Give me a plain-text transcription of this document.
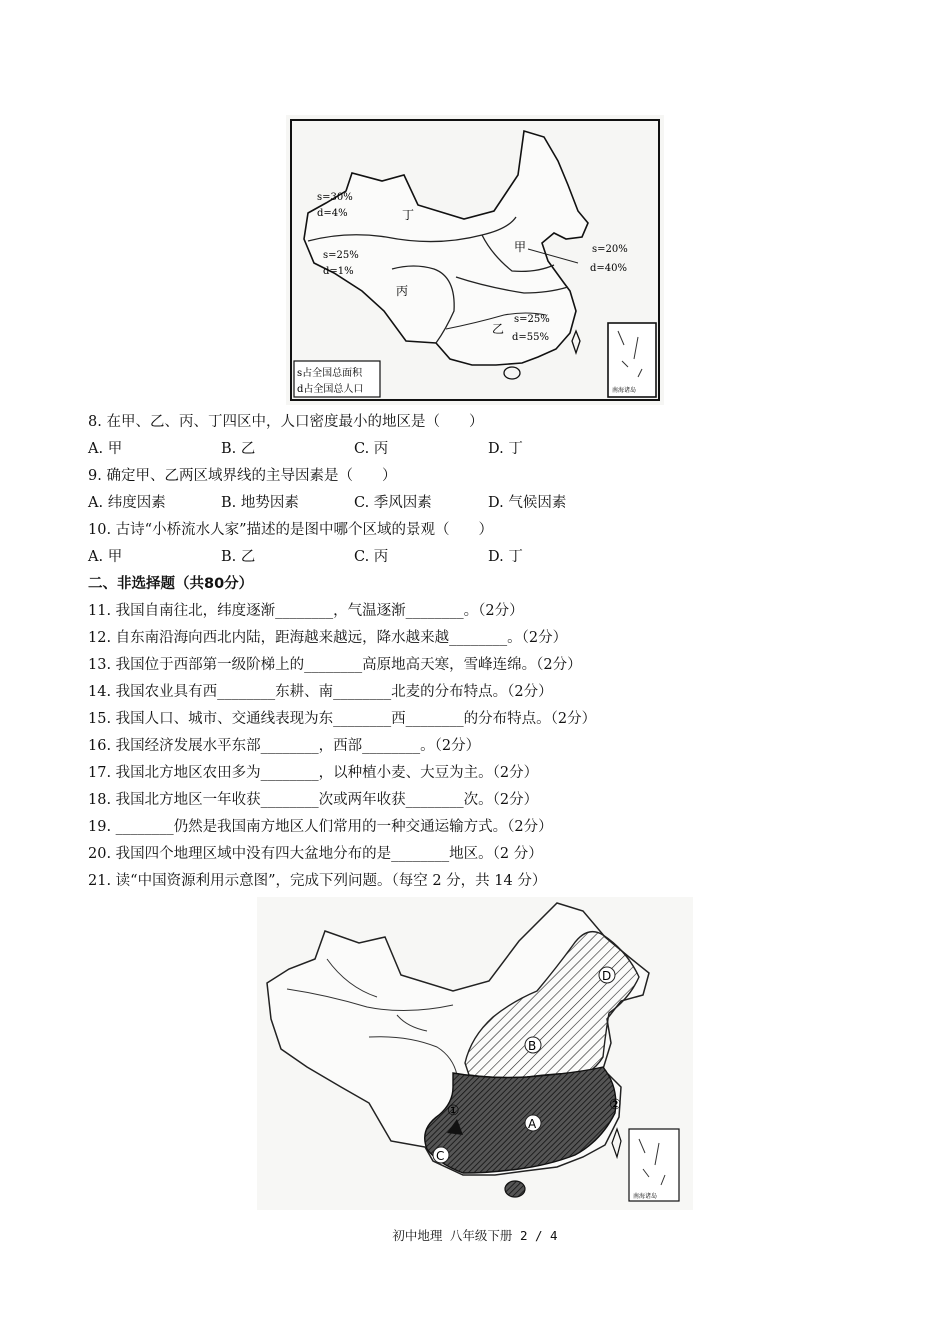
s=30%
d=4%	丁
s=25%
d=1%
丙
甲	s=20%
d=40%
乙
s=25%
d=55%
s占全国总面积
d占全国总人口	南海诸岛
8. 在甲、乙、丙、丁四区中，人口密度最小的地区是（　　）
A. 甲	B. 乙	C. 丙	D. 丁
9. 确定甲、乙两区域界线的主导因素是（　　）
A. 纬度因素	B. 地势因素	C. 季风因素	D. 气候因素
10. 古诗“小桥流水人家”描述的是图中哪个区域的景观（　　）
A. 甲	B. 乙	C. 丙	D. 丁
二、非选择题（共80分）
11. 我国自南往北，纬度逐渐________，气温逐渐________。（2分）
12. 自东南沿海向西北内陆，距海越来越远，降水越来越________。（2分）
13. 我国位于西部第一级阶梯上的________高原地高天寒，雪峰连绵。（2分）
14. 我国农业具有西________东耕、南________北麦的分布特点。（2分）
15. 我国人口、城市、交通线表现为东________西________的分布特点。（2分）
16. 我国经济发展水平东部________，西部________。（2分）
17. 我国北方地区农田多为________，以种植小麦、大豆为主。（2分）
18. 我国北方地区一年收获________次或两年收获________次。（2分）
19. ________仍然是我国南方地区人们常用的一种交通运输方式。（2分）
20. 我国四个地理区域中没有四大盆地分布的是________地区。（2 分）
21. 读“中国资源利用示意图”，完成下列问题。（每空 2 分，共 14 分）
D
B
A
C
①	②
南海诸岛
初中地理 八年级下册 2 / 4
